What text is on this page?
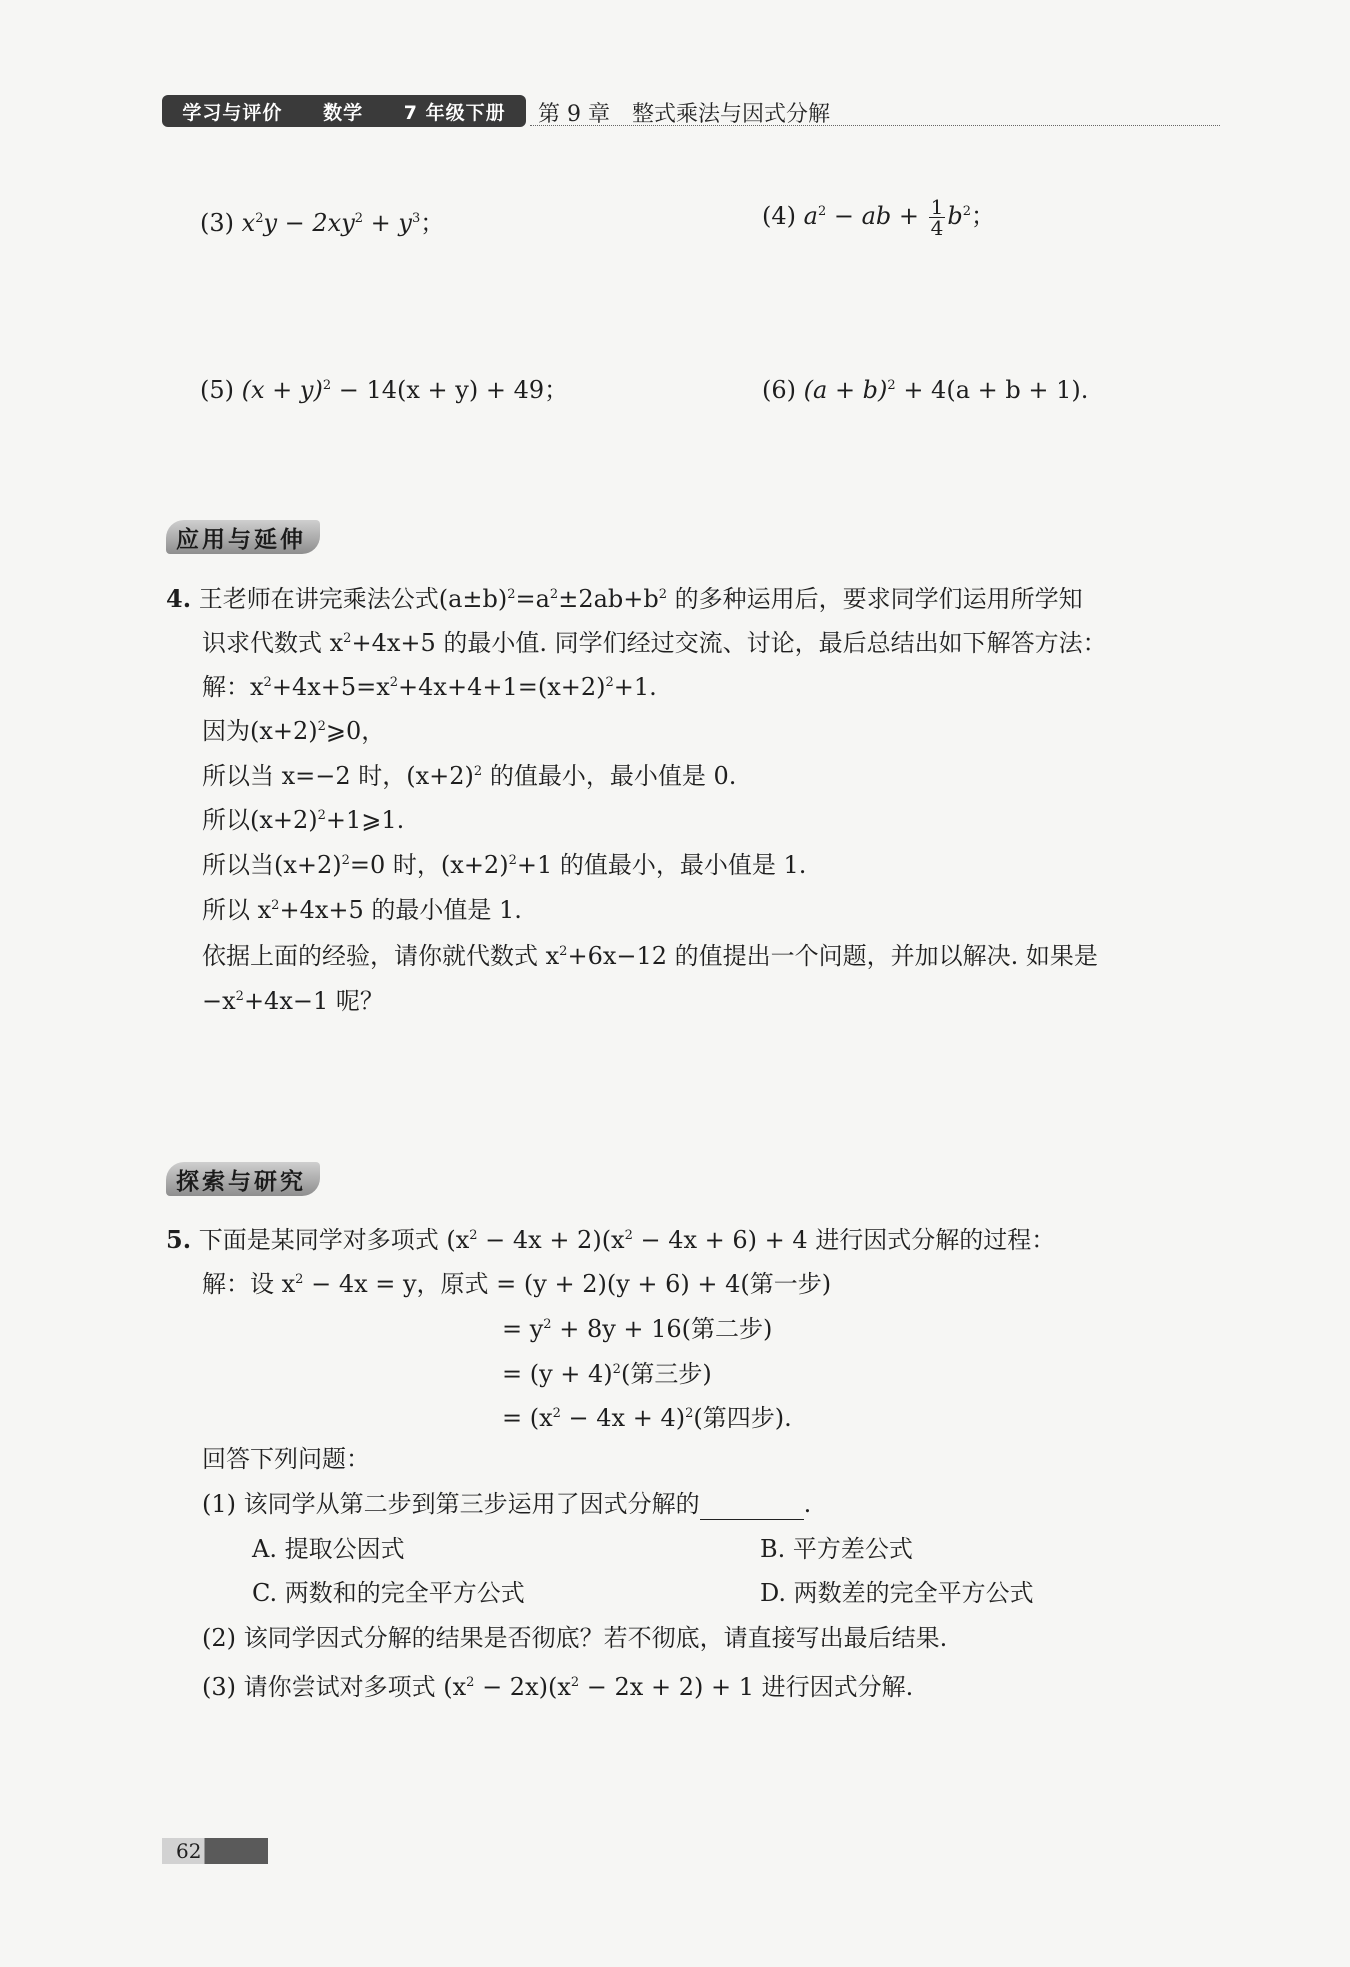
学习与评价 数学 7 年级下册 第 9 章　整式乘法与因式分解
(3) $x^2y - 2xy^2 + y^3$；	(4) $a^2$ − ab + $\frac{1}{4} b^2$；
(5) $(x + y)^2 - 14(x + y) + 49$；	(6) $(a + b)^2 + 4(a + b + 1)$.
应用与延伸
4. 王老师在讲完乘法公式$(a\pm b)^2=a^2\pm 2ab+b^2$ 的多种运用后，要求同学们运用所学知
识求代数式 $x^2+4x+5$ 的最小值. 同学们经过交流、讨论，最后总结出如下解答方法：
解：$x^2+4x+5=x^2+4x+4+1=(x+2)^2+1$.
因为$(x+2)^2⩾0$，
所以当 x=−2 时，$(x+2)^2$ 的值最小，最小值是 0.
所以$(x+2)^2+1⩾1$.
所以当$(x+2)^2=0$ 时，$(x+2)^2+1$ 的值最小，最小值是 1.
所以 $x^2+4x+5$ 的最小值是 1.
依据上面的经验，请你就代数式 $x^2+6x-12$ 的值提出一个问题，并加以解决. 如果是
$-x^2+4x-1$ 呢？
探索与研究
5. 下面是某同学对多项式 $(x^2 - 4x + 2)(x^2 - 4x + 6) + 4$ 进行因式分解的过程：
解：设 $x^2 - 4x = y$，原式 = (y + 2)(y + 6) + 4(第一步)
= $y^2 + 8y + 16$(第二步)
= $(y + 4)^2$(第三步)
= $(x^2 - 4x + 4)^2$(第四步).
回答下列问题：
(1) 该同学从第二步到第三步运用了因式分解的	.
A. 提取公因式	B. 平方差公式
C. 两数和的完全平方公式	D. 两数差的完全平方公式
(2) 该同学因式分解的结果是否彻底？若不彻底，请直接写出最后结果.
(3) 请你尝试对多项式 $(x^2 - 2x)(x^2 - 2x + 2) + 1$ 进行因式分解.
62
